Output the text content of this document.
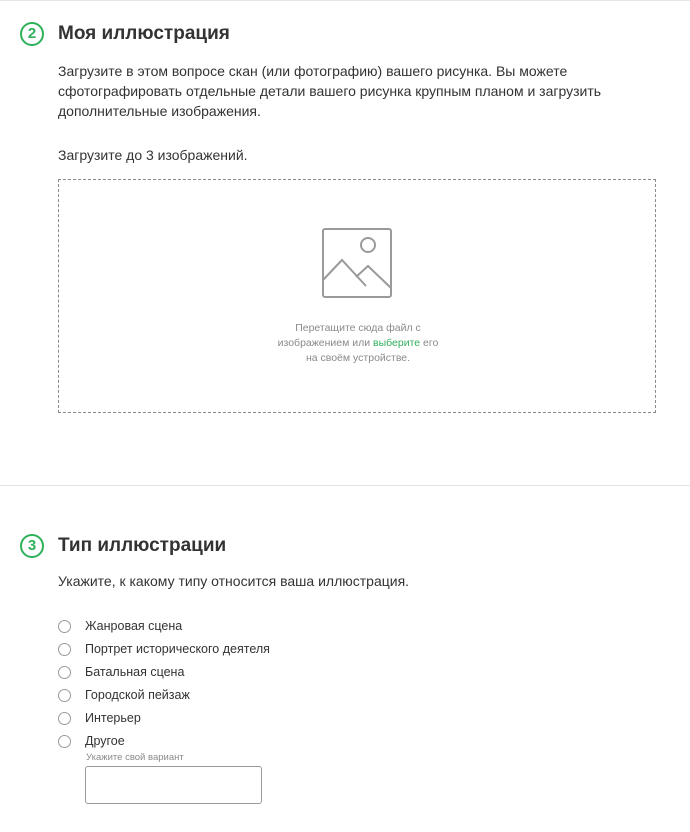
2	Моя иллюстрация

Загрузите в этом вопросе скан (или фотографию) вашего рисунка. Вы можете сфотографировать отдельные детали вашего рисунка крупным планом и загрузить дополнительные изображения.

Загрузите до 3 изображений.

Перетащите сюда файл с
изображением или выберите его
на своём устройстве.
3	Тип иллюстрации

Укажите, к какому типу относится ваша иллюстрация.

Жанровая сцена
Портрет исторического деятеля
Батальная сцена
Городской пейзаж
Интерьер
Другое
Укажите свой вариант
